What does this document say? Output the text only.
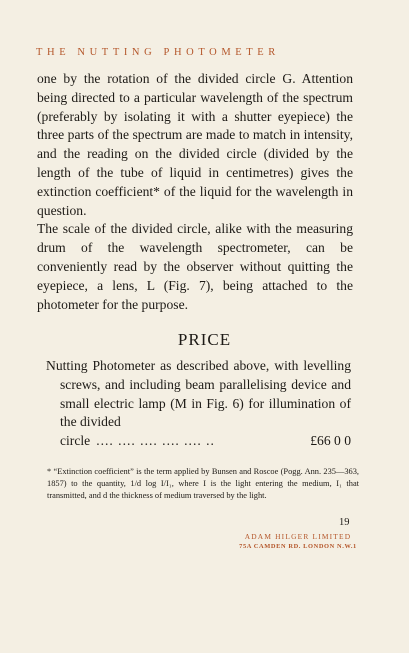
THE NUTTING PHOTOMETER

one by the rotation of the divided circle G. Attention being directed to a particular wavelength of the spectrum (preferably by isolating it with a shutter eyepiece) the three parts of the spectrum are made to match in intensity, and the reading on the divided circle (divided by the length of the tube of liquid in centimetres) gives the extinction coefficient* of the liquid for the wavelength in question.

The scale of the divided circle, alike with the measuring drum of the wavelength spectrometer, can be conveniently read by the observer without quitting the eyepiece, a lens, L (Fig. 7), being attached to the photometer for the purpose.

PRICE

Nutting Photometer as described above, with levelling screws, and including beam parallelising device and small electric lamp (M in Fig. 6) for illumination of the divided

circle .... .... .... .... .... ..	£66 0 0
* “Extinction coefficient” is the term applied by Bunsen and Roscoe (Pogg. Ann. 235—363, 1857) to the quantity, 1/d log I/I₁, where I is the light entering the medium, I₁ that transmitted, and d the thickness of medium traversed by the light.
19
ADAM HILGER LIMITED
75A CAMDEN RD. LONDON N.W.1
